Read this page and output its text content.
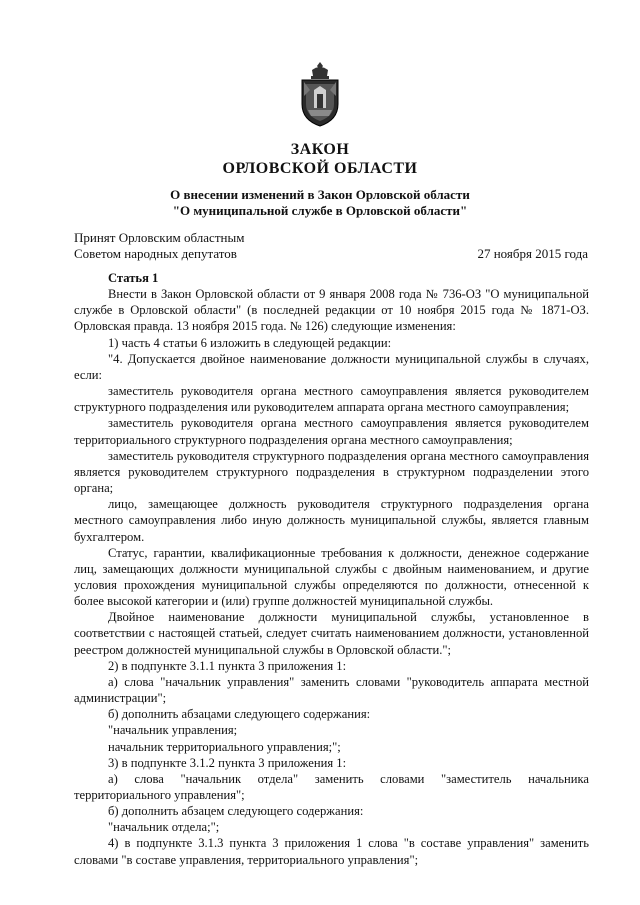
ЗАКОН
ОРЛОВСКОЙ ОБЛАСТИ
О внесении изменений в Закон Орловской области
"О муниципальной службе в Орловской области"
Принят Орловским областным
Советом народных депутатов	27 ноября 2015 года

Статья 1

Внести в Закон Орловской области от 9 января 2008 года № 736-ОЗ "О муниципальной службе в Орловской области" (в последней редакции от 10 ноября 2015 года № 1871-ОЗ. Орловская правда. 13 ноября 2015 года. № 126) следующие изменения:

1) часть 4 статьи 6 изложить в следующей редакции:

"4. Допускается двойное наименование должности муниципальной службы в случаях, если:

заместитель руководителя органа местного самоуправления является руководителем структурного подразделения или руководителем аппарата органа местного самоуправления;

заместитель руководителя органа местного самоуправления является руководителем территориального структурного подразделения органа местного самоуправления;

заместитель руководителя структурного подразделения органа местного самоуправления является руководителем структурного подразделения в структурном подразделении этого органа;

лицо, замещающее должность руководителя структурного подразделения органа местного самоуправления либо иную должность муниципальной службы, является главным бухгалтером.

Статус, гарантии, квалификационные требования к должности, денежное содержание лиц, замещающих должности муниципальной службы с двойным наименованием, и другие условия прохождения муниципальной службы определяются по должности, отнесенной к более высокой категории и (или) группе должностей муниципальной службы.

Двойное наименование должности муниципальной службы, установленное в соответствии с настоящей статьей, следует считать наименованием должности, установленной реестром должностей муниципальной службы в Орловской области.";

2) в подпункте 3.1.1 пункта 3 приложения 1:

а) слова "начальник управления" заменить словами "руководитель аппарата местной администрации";

б) дополнить абзацами следующего содержания:

"начальник управления;

начальник территориального управления;";

3) в подпункте 3.1.2 пункта 3 приложения 1:

а) слова "начальник отдела" заменить словами "заместитель начальника территориального управления";

б) дополнить абзацем следующего содержания:

"начальник отдела;";

4) в подпункте 3.1.3 пункта 3 приложения 1 слова "в составе управления" заменить словами "в составе управления, территориального управления";
